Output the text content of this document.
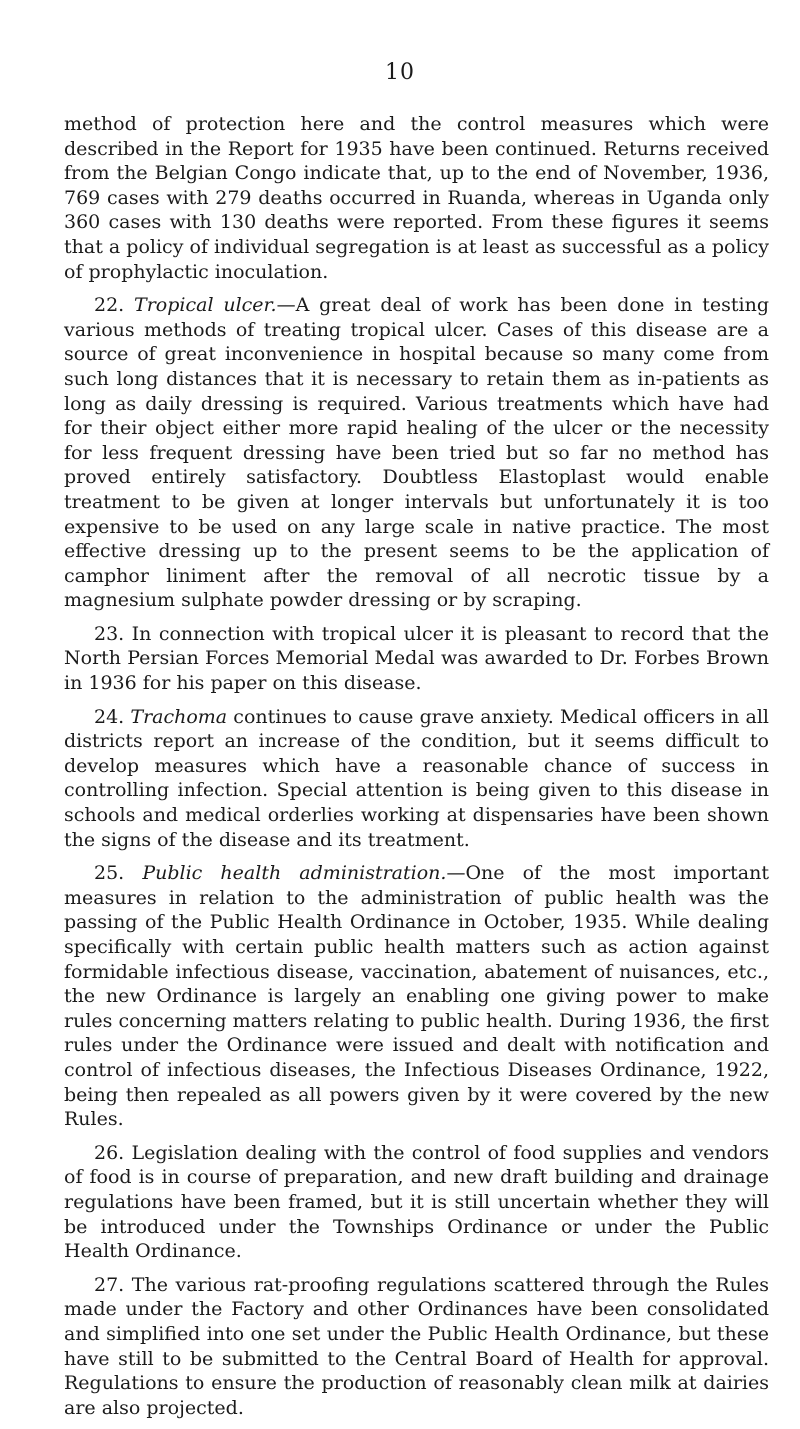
10

method of protection here and the control measures which were described in the Report for 1935 have been continued. Returns received from the Belgian Congo indicate that, up to the end of November, 1936, 769 cases with 279 deaths occurred in Ruanda, whereas in Uganda only 360 cases with 130 deaths were reported. From these figures it seems that a policy of individual segregation is at least as successful as a policy of prophylactic inoculation.

22. Tropical ulcer.—A great deal of work has been done in testing various methods of treating tropical ulcer. Cases of this disease are a source of great inconvenience in hospital because so many come from such long distances that it is necessary to retain them as in-patients as long as daily dressing is required. Various treatments which have had for their object either more rapid healing of the ulcer or the necessity for less frequent dressing have been tried but so far no method has proved entirely satisfactory. Doubtless Elastoplast would enable treatment to be given at longer intervals but unfortunately it is too expensive to be used on any large scale in native practice. The most effective dressing up to the present seems to be the application of camphor liniment after the removal of all necrotic tissue by a magnesium sulphate powder dressing or by scraping.

23. In connection with tropical ulcer it is pleasant to record that the North Persian Forces Memorial Medal was awarded to Dr. Forbes Brown in 1936 for his paper on this disease.

24. Trachoma continues to cause grave anxiety. Medical officers in all districts report an increase of the condition, but it seems difficult to develop measures which have a reasonable chance of success in controlling infection. Special attention is being given to this disease in schools and medical orderlies working at dispensaries have been shown the signs of the disease and its treatment.

25. Public health administration.—One of the most important measures in relation to the administration of public health was the passing of the Public Health Ordinance in October, 1935. While dealing specifically with certain public health matters such as action against formidable infectious disease, vaccination, abatement of nuisances, etc., the new Ordinance is largely an enabling one giving power to make rules concerning matters relating to public health. During 1936, the first rules under the Ordinance were issued and dealt with notification and control of infectious diseases, the Infectious Diseases Ordinance, 1922, being then repealed as all powers given by it were covered by the new Rules.

26. Legislation dealing with the control of food supplies and vendors of food is in course of preparation, and new draft building and drainage regulations have been framed, but it is still uncertain whether they will be introduced under the Townships Ordinance or under the Public Health Ordinance.

27. The various rat-proofing regulations scattered through the Rules made under the Factory and other Ordinances have been consolidated and simplified into one set under the Public Health Ordinance, but these have still to be submitted to the Central Board of Health for approval. Regulations to ensure the production of reasonably clean milk at dairies are also projected.
